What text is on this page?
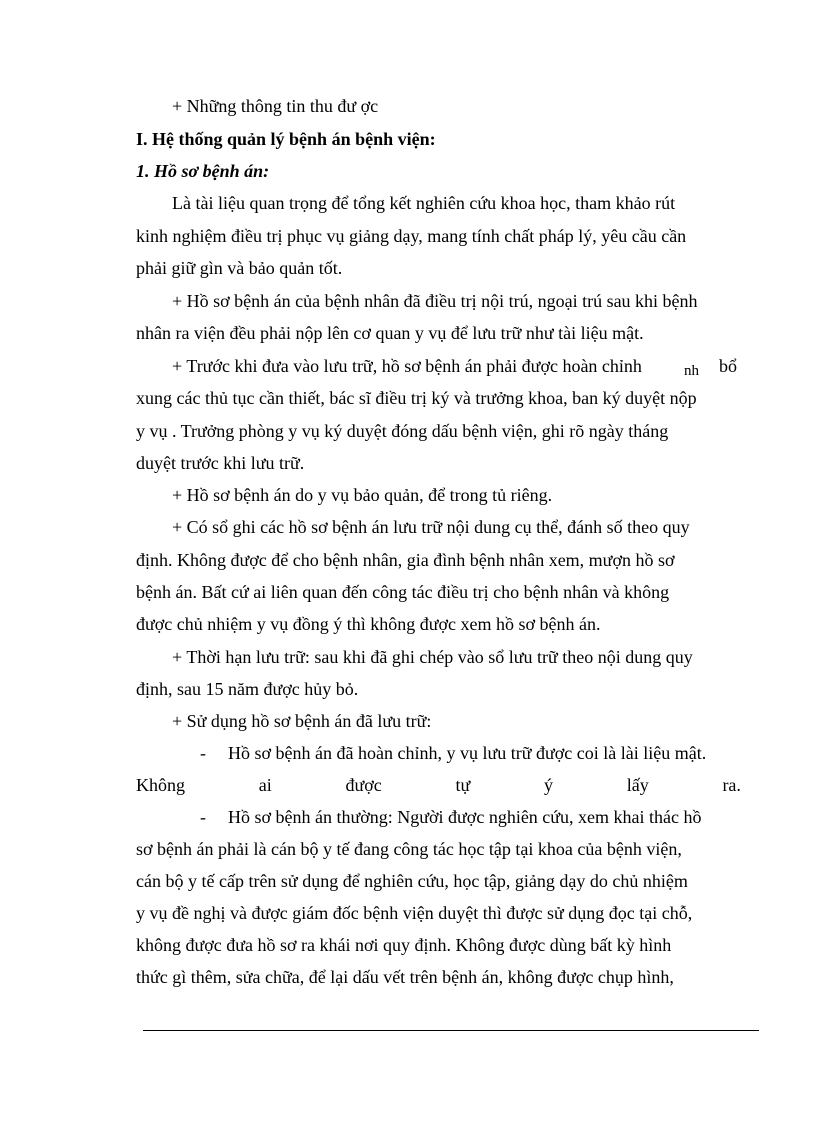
+ Những thông tin thu đư ợc

I. Hệ thống quản lý bệnh án bệnh viện:

1. Hồ sơ bệnh án:

Là tài liệu quan trọng để tổng kết nghiên cứu khoa học, tham khảo rút

kinh nghiệm điều trị phục vụ giảng dạy, mang tính chất pháp lý, yêu cầu cần

phải giữ gìn và bảo quản tốt.

+ Hồ sơ bệnh án của bệnh nhân đã điều trị nội trú, ngoại trú sau khi bệnh

nhân ra viện đều phải nộp lên cơ quan y vụ để lưu trữ như tài liệu mật.

+ Trước khi đưa vào lưu trữ, hồ sơ bệnh án phải được hoàn chỉnh	nh bổ

xung các thủ tục cần thiết, bác sĩ điều trị ký và trưởng khoa, ban ký duyệt nộp

y vụ . Trưởng phòng y vụ ký duyệt đóng dấu bệnh viện, ghi rõ ngày tháng

duyệt trước khi lưu trữ.

+ Hồ sơ bệnh án do y vụ bảo quản, để trong tủ riêng.

+ Có sổ ghi các hồ sơ bệnh án lưu trữ nội dung cụ thể, đánh số theo quy

định. Không được để cho bệnh nhân, gia đình bệnh nhân xem, mượn hồ sơ

bệnh án. Bất cứ ai liên quan đến công tác điều trị cho bệnh nhân và không

được chủ nhiệm y vụ đồng ý thì không được xem hồ sơ bệnh án.

+ Thời hạn lưu trữ: sau khi đã ghi chép vào sổ lưu trữ theo nội dung quy

định, sau 15 năm được hủy bỏ.

+ Sử dụng hồ sơ bệnh án đã lưu trữ:

- Hồ sơ bệnh án đã hoàn chỉnh, y vụ lưu trữ được coi là lài liệu mật.

Không	ai	được	tự	ý	lấy	ra.
- Hồ sơ bệnh án thường: Người được nghiên cứu, xem khai thác hồ

sơ bệnh án phải là cán bộ y tế đang công tác học tập tại khoa của bệnh viện,

cán bộ y tế cấp trên sử dụng để nghiên cứu, học tập, giảng dạy do chủ nhiệm

y vụ đề nghị và được giám đốc bệnh viện duyệt thì được sử dụng đọc tại chỗ,

không được đưa hồ sơ ra khái nơi quy định. Không được dùng bất kỳ hình

thức gì thêm, sửa chữa, để lại dấu vết trên bệnh án, không được chụp hình,
